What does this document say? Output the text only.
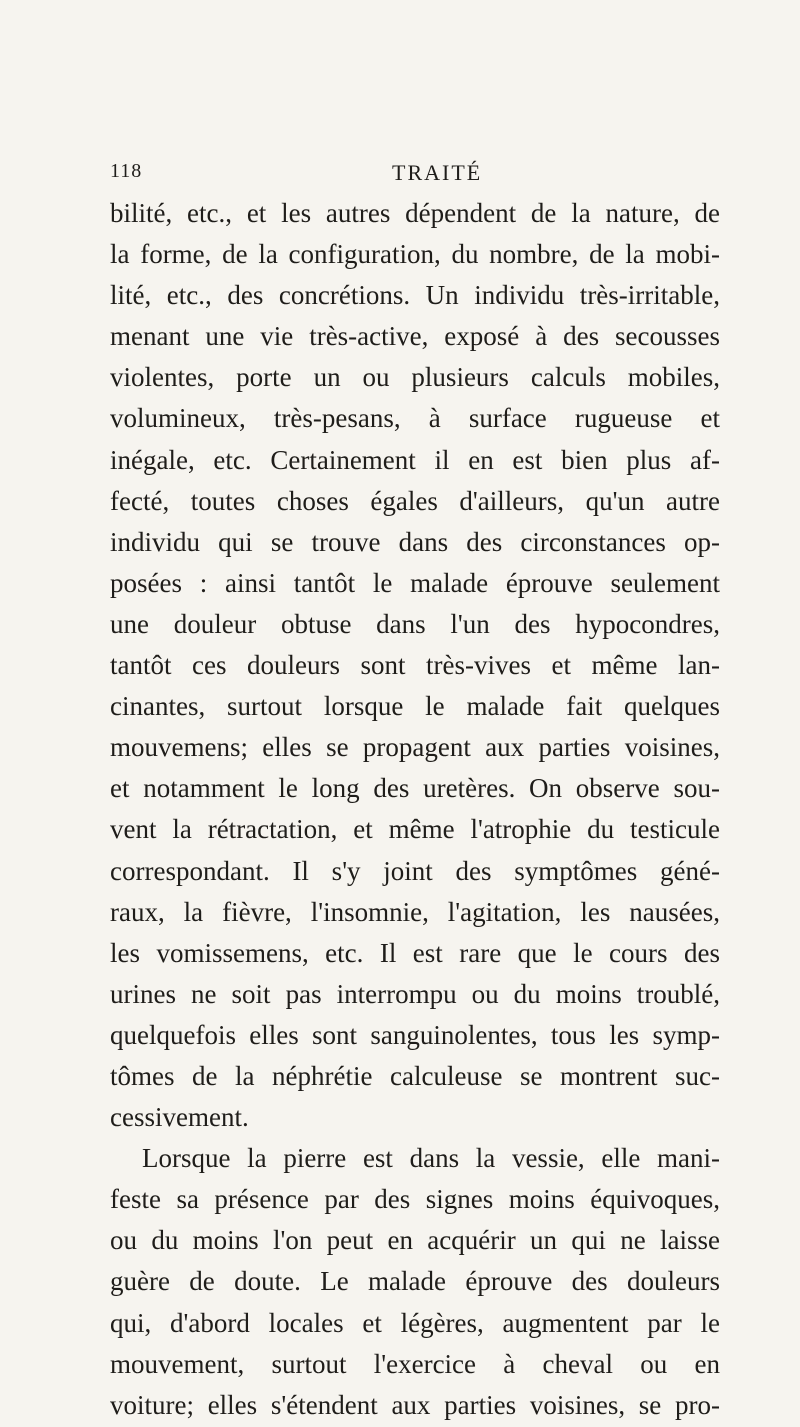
118	TRAITÉ
bilité, etc., et les autres dépendent de la nature, de
la forme, de la configuration, du nombre, de la mobi-
lité, etc., des concrétions. Un individu très-irritable,
menant une vie très-active, exposé à des secousses
violentes, porte un ou plusieurs calculs mobiles,
volumineux, très-pesans, à surface rugueuse et
inégale, etc. Certainement il en est bien plus af-
fecté, toutes choses égales d'ailleurs, qu'un autre
individu qui se trouve dans des circonstances op-
posées : ainsi tantôt le malade éprouve seulement
une douleur obtuse dans l'un des hypocondres,
tantôt ces douleurs sont très-vives et même lan-
cinantes, surtout lorsque le malade fait quelques
mouvemens; elles se propagent aux parties voisines,
et notamment le long des uretères. On observe sou-
vent la rétractation, et même l'atrophie du testicule
correspondant. Il s'y joint des symptômes géné-
raux, la fièvre, l'insomnie, l'agitation, les nausées,
les vomissemens, etc. Il est rare que le cours des
urines ne soit pas interrompu ou du moins troublé,
quelquefois elles sont sanguinolentes, tous les symp-
tômes de la néphrétie calculeuse se montrent suc-
cessivement.
Lorsque la pierre est dans la vessie, elle mani-
feste sa présence par des signes moins équivoques,
ou du moins l'on peut en acquérir un qui ne laisse
guère de doute. Le malade éprouve des douleurs
qui, d'abord locales et légères, augmentent par le
mouvement, surtout l'exercice à cheval ou en
voiture; elles s'étendent aux parties voisines, se pro-
